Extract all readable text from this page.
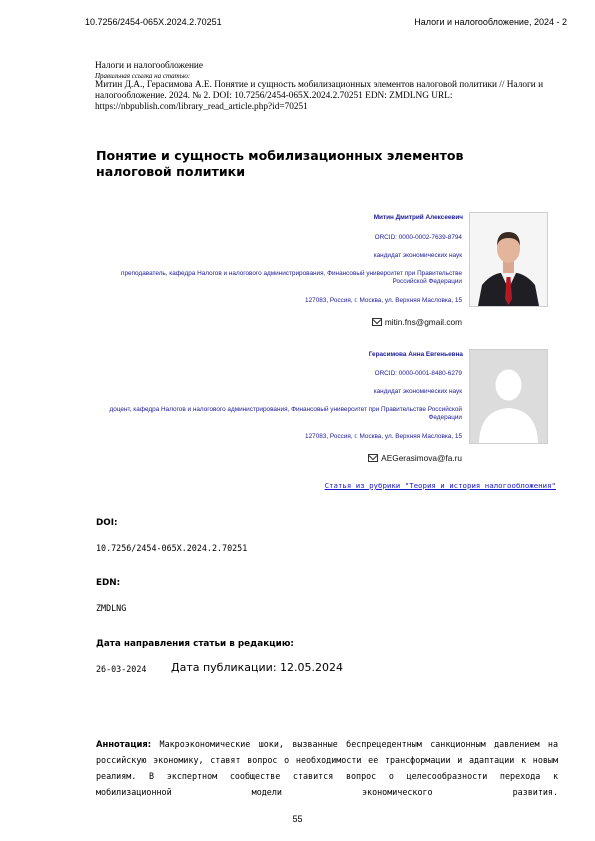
10.7256/2454-065X.2024.2.70251	Налоги и налогообложение, 2024 - 2
Налоги и налогообложение
Правильная ссылка на статью:
Митин Д.А., Герасимова А.Е. Понятие и сущность мобилизационных элементов налоговой политики // Налоги и налогообложение. 2024. № 2. DOI: 10.7256/2454-065X.2024.2.70251 EDN: ZMDLNG URL: https://nbpublish.com/library_read_article.php?id=70251
Понятие и сущность мобилизационных элементов налоговой политики
Митин Дмитрий Алексеевич
ORCID: 0000-0002-7639-8794
кандидат экономических наук
преподаватель, кафедра Налогов и налогового администрирования, Финансовый университет при Правительстве Российской Федерации
127083, Россия, г. Москва, ул. Верхняя Масловка, 15
mitin.fns@gmail.com
Герасимова Анна Евгеньевна
ORCID: 0000-0001-8480-6279
кандидат экономических наук
доцент, кафедра Налогов и налогового администрирования, Финансовый университет при Правительстве Российской Федерации
127083, Россия, г. Москва, ул. Верхняя Масловка, 15
AEGerasimova@fa.ru
Статья из рубрики "Теория и история налогообложения"
DOI:
10.7256/2454-065X.2024.2.70251
EDN:
ZMDLNG
Дата направления статьи в редакцию:
26-03-2024 Дата публикации: 12.05.2024
Аннотация: Макроэкономические шоки, вызванные беспрецедентным санкционным давлением на российскую экономику, ставят вопрос о необходимости ее трансформации и адаптации к новым реалиям. В экспертном сообществе ставится вопрос о целесообразности перехода к мобилизационной модели экономического развития.
55
